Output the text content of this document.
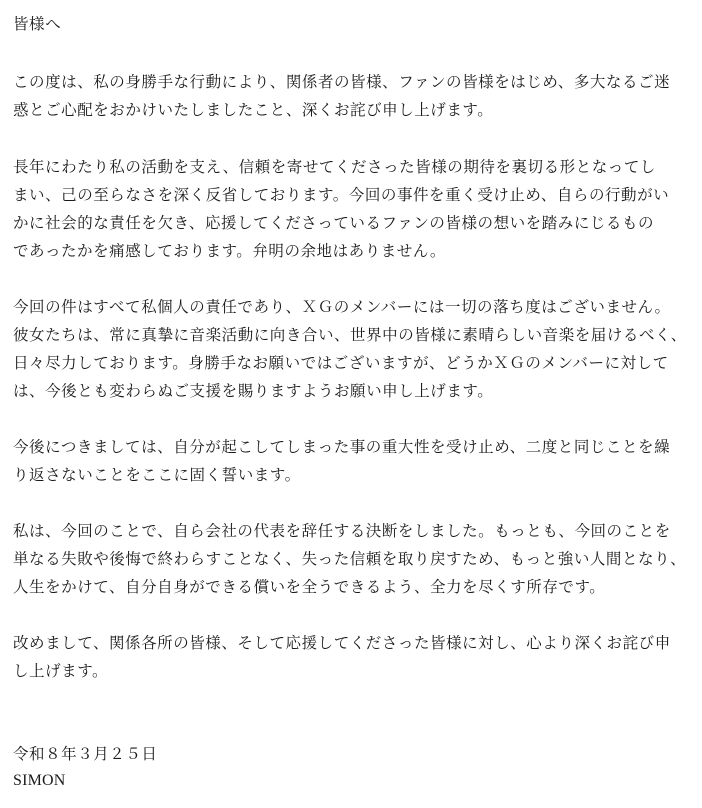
皆様へ
この度は、私の身勝手な行動により、関係者の皆様、ファンの皆様をはじめ、多大なるご迷
惑とご心配をおかけいたしましたこと、深くお詫び申し上げます。
長年にわたり私の活動を支え、信頼を寄せてくださった皆様の期待を裏切る形となってし
まい、己の至らなさを深く反省しております。今回の事件を重く受け止め、自らの行動がい
かに社会的な責任を欠き、応援してくださっているファンの皆様の想いを踏みにじるもの
であったかを痛感しております。弁明の余地はありません。
今回の件はすべて私個人の責任であり、ＸＧのメンバーには一切の落ち度はございません。
彼女たちは、常に真摯に音楽活動に向き合い、世界中の皆様に素晴らしい音楽を届けるべく、
日々尽力しております。身勝手なお願いではございますが、どうかＸＧのメンバーに対して
は、今後とも変わらぬご支援を賜りますようお願い申し上げます。
今後につきましては、自分が起こしてしまった事の重大性を受け止め、二度と同じことを繰
り返さないことをここに固く誓います。
私は、今回のことで、自ら会社の代表を辞任する決断をしました。もっとも、今回のことを
単なる失敗や後悔で終わらすことなく、失った信頼を取り戻すため、もっと強い人間となり、
人生をかけて、自分自身ができる償いを全うできるよう、全力を尽くす所存です。
改めまして、関係各所の皆様、そして応援してくださった皆様に対し、心より深くお詫び申
し上げます。
令和８年３月２５日
SIMON
